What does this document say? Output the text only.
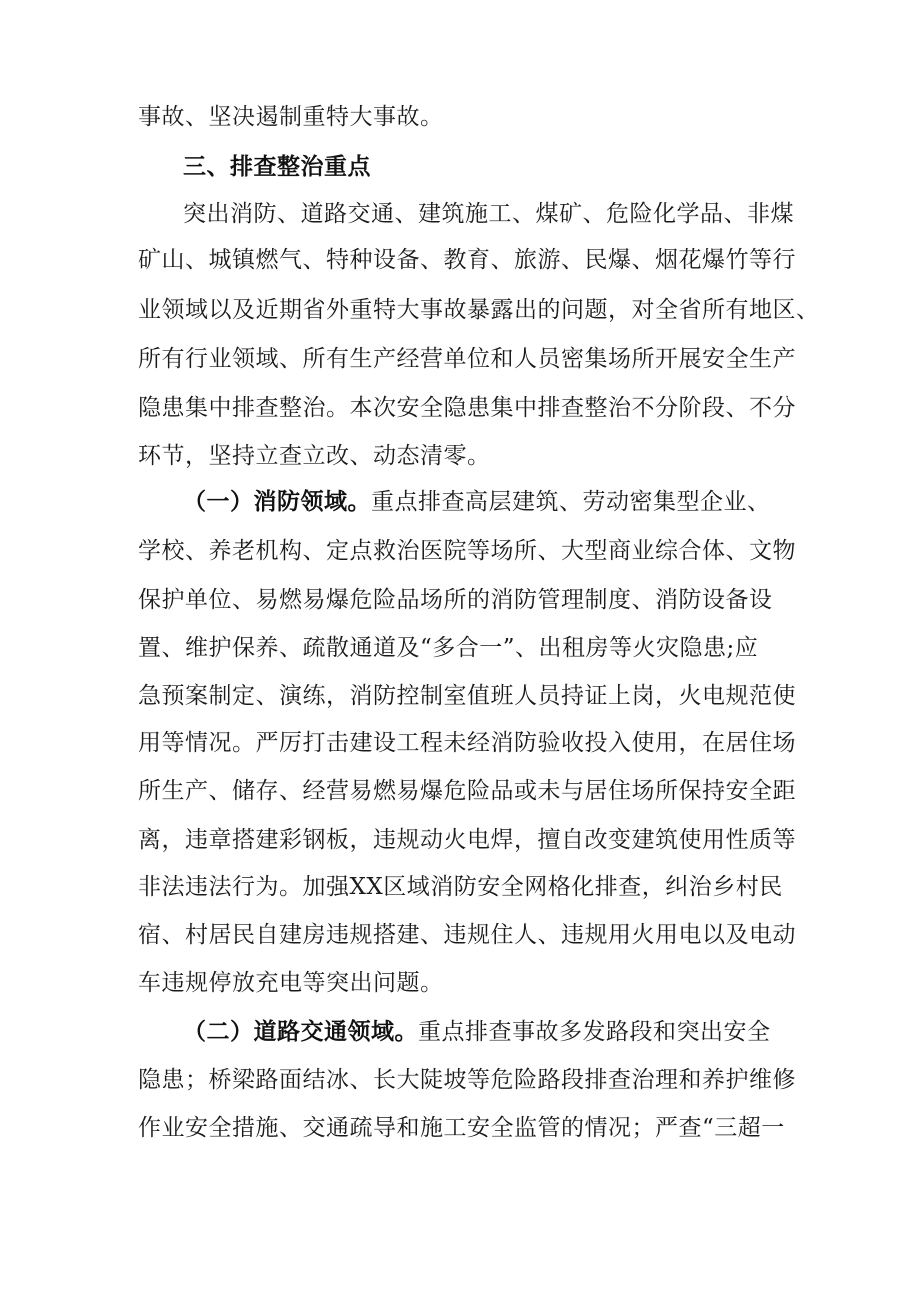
事故、坚决遏制重特大事故。
三、排查整治重点
突出消防、道路交通、建筑施工、煤矿、危险化学品、非煤
矿山、城镇燃气、特种设备、教育、旅游、民爆、烟花爆竹等行
业领域以及近期省外重特大事故暴露出的问题，对全省所有地区、
所有行业领域、所有生产经营单位和人员密集场所开展安全生产
隐患集中排查整治。本次安全隐患集中排查整治不分阶段、不分
环节，坚持立查立改、动态清零。
（一）消防领域。重点排查高层建筑、劳动密集型企业、
学校、养老机构、定点救治医院等场所、大型商业综合体、文物
保护单位、易燃易爆危险品场所的消防管理制度、消防设备设
置、维护保养、疏散通道及“多合一”、出租房等火灾隐患;应
急预案制定、演练，消防控制室值班人员持证上岗，火电规范使
用等情况。严厉打击建设工程未经消防验收投入使用，在居住场
所生产、储存、经营易燃易爆危险品或未与居住场所保持安全距
离，违章搭建彩钢板，违规动火电焊，擅自改变建筑使用性质等
非法违法行为。加强XX区域消防安全网格化排查，纠治乡村民
宿、村居民自建房违规搭建、违规住人、违规用火用电以及电动
车违规停放充电等突出问题。
（二）道路交通领域。重点排查事故多发路段和突出安全
隐患；桥梁路面结冰、长大陡坡等危险路段排查治理和养护维修
作业安全措施、交通疏导和施工安全监管的情况；严查“三超一
